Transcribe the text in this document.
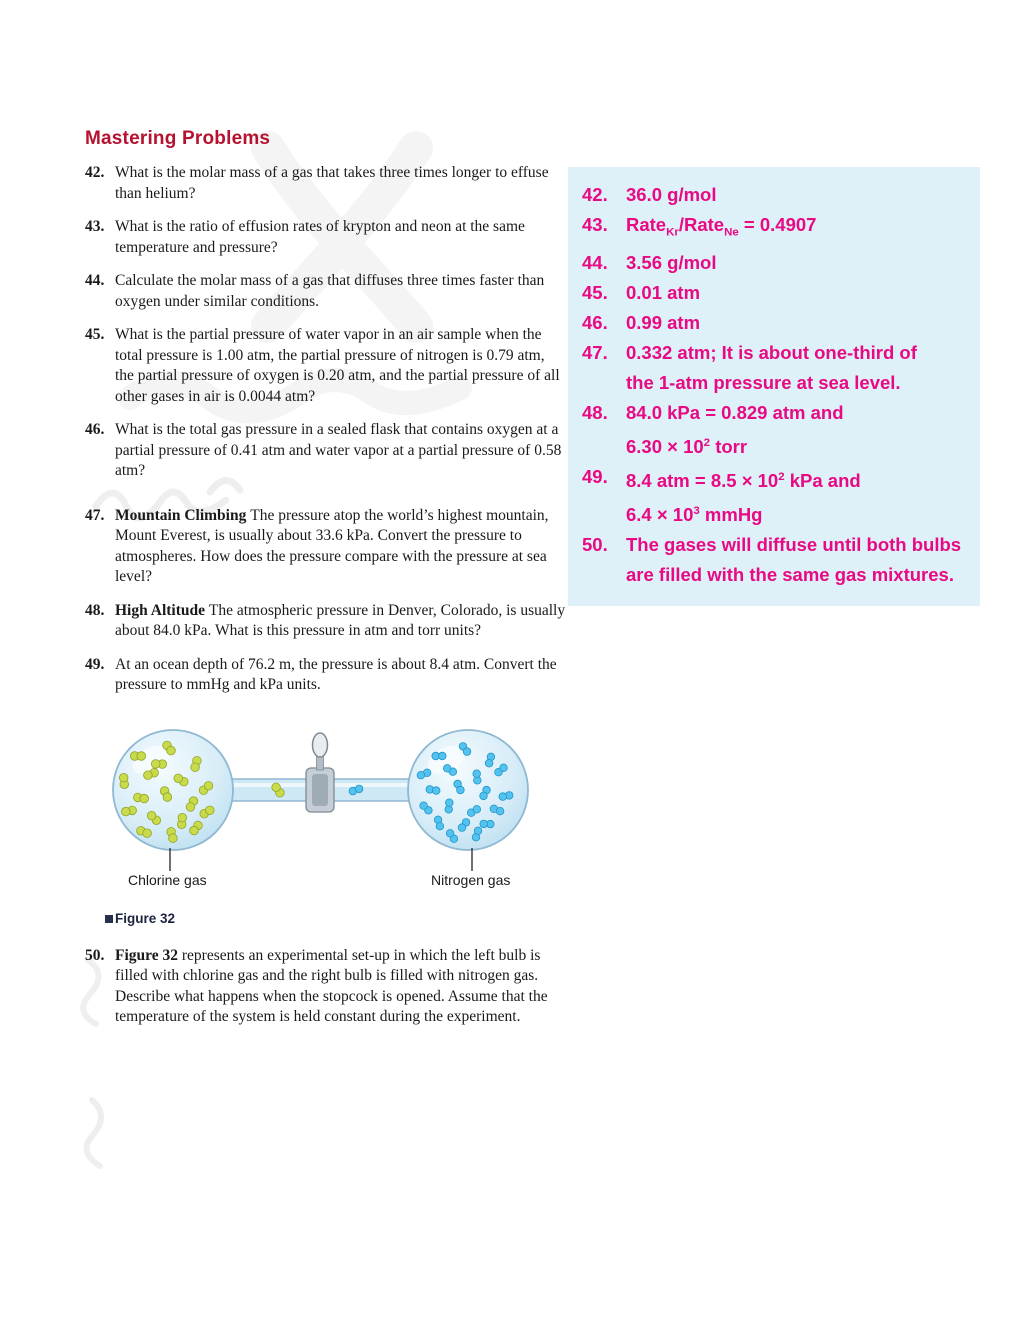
Mastering Problems
42. What is the molar mass of a gas that takes three times longer to effuse than helium?
43. What is the ratio of effusion rates of krypton and neon at the same temperature and pressure?
44. Calculate the molar mass of a gas that diffuses three times faster than oxygen under similar conditions.
45. What is the partial pressure of water vapor in an air sample when the total pressure is 1.00 atm, the partial pressure of nitrogen is 0.79 atm, the partial pressure of oxygen is 0.20 atm, and the partial pressure of all other gases in air is 0.0044 atm?
46. What is the total gas pressure in a sealed flask that contains oxygen at a partial pressure of 0.41 atm and water vapor at a partial pressure of 0.58 atm?
47. Mountain Climbing The pressure atop the world’s highest mountain, Mount Everest, is usually about 33.6 kPa. Convert the pressure to atmospheres. How does the pressure compare with the pressure at sea level?
48. High Altitude The atmospheric pressure in Denver, Colorado, is usually about 84.0 kPa. What is this pressure in atm and torr units?
49. At an ocean depth of 76.2 m, the pressure is about 8.4 atm. Convert the pressure to mmHg and kPa units.
Chlorine gas	Nitrogen gas
Figure 32
50. Figure 32 represents an experimental set-up in which the left bulb is filled with chlorine gas and the right bulb is filled with nitrogen gas. Describe what happens when the stopcock is opened. Assume that the temperature of the system is held constant during the experiment.
42. 36.0 g/mol
43. Rate$_{Kr}$/Rate$_{Ne}$ = 0.4907
44. 3.56 g/mol
45. 0.01 atm
46. 0.99 atm
47. 0.332 atm; It is about one-third of
the 1-atm pressure at sea level.
48. 84.0 kPa = 0.829 atm and
$6.30 \times 10^2$ torr
49. 8.4 atm = $8.5 \times 10^2$ kPa and
$6.4 \times 10^3$ mmHg
50. The gases will diffuse until both bulbs
are filled with the same gas mixtures.
